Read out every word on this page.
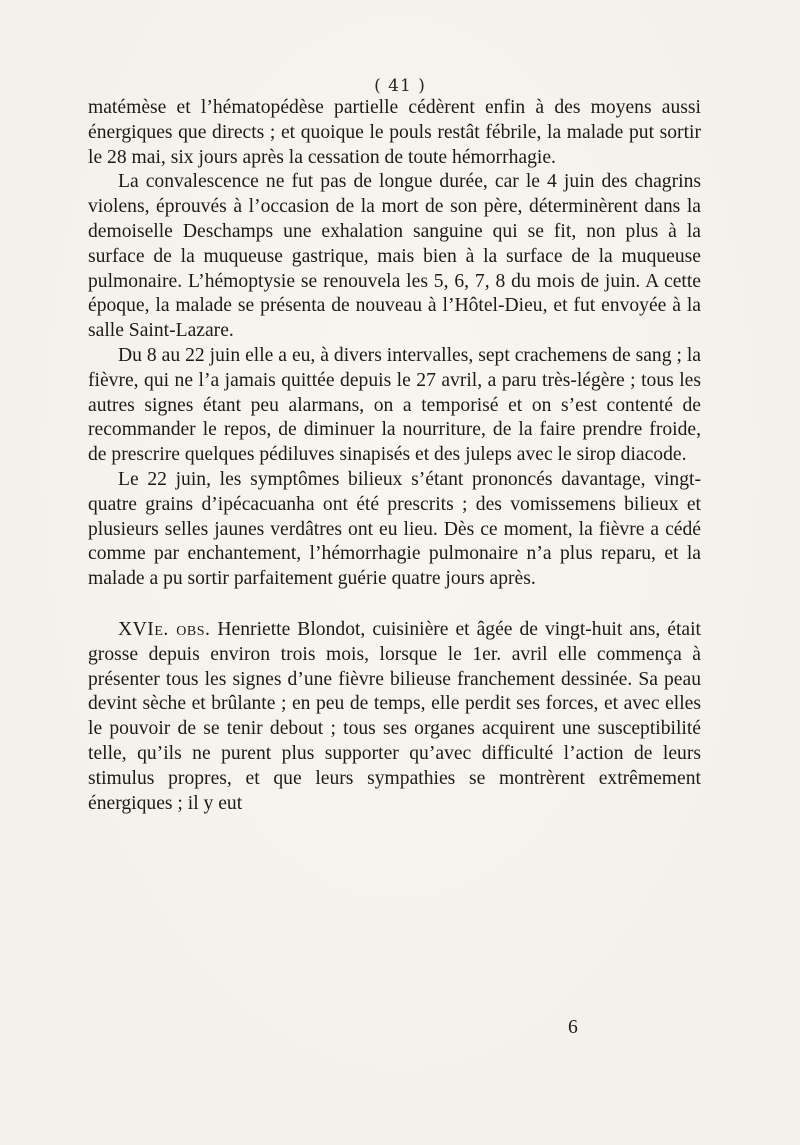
( 41 )

matémèse et l’hématopédèse partielle cédèrent enfin à des moyens aussi énergiques que directs ; et quoique le pouls restât fébrile, la malade put sortir le 28 mai, six jours après la cessation de toute hémorrhagie.

La convalescence ne fut pas de longue durée, car le 4 juin des chagrins violens, éprouvés à l’occasion de la mort de son père, déterminèrent dans la demoiselle Deschamps une exhalation sanguine qui se fit, non plus à la surface de la muqueuse gastrique, mais bien à la surface de la muqueuse pulmonaire. L’hémoptysie se renouvela les 5, 6, 7, 8 du mois de juin. A cette époque, la malade se présenta de nouveau à l’Hôtel-Dieu, et fut envoyée à la salle Saint-Lazare.

Du 8 au 22 juin elle a eu, à divers intervalles, sept crachemens de sang ; la fièvre, qui ne l’a jamais quittée depuis le 27 avril, a paru très-légère ; tous les autres signes étant peu alarmans, on a temporisé et on s’est contenté de recommander le repos, de diminuer la nourriture, de la faire prendre froide, de prescrire quelques pédiluves sinapisés et des juleps avec le sirop diacode.

Le 22 juin, les symptômes bilieux s’étant prononcés davantage, vingt-quatre grains d’ipécacuanha ont été prescrits ; des vomissemens bilieux et plusieurs selles jaunes verdâtres ont eu lieu. Dès ce moment, la fièvre a cédé comme par enchantement, l’hémorrhagie pulmonaire n’a plus reparu, et la malade a pu sortir parfaitement guérie quatre jours après.

XVIe. obs. Henriette Blondot, cuisinière et âgée de vingt-huit ans, était grosse depuis environ trois mois, lorsque le 1er. avril elle commença à présenter tous les signes d’une fièvre bilieuse franchement dessinée. Sa peau devint sèche et brûlante ; en peu de temps, elle perdit ses forces, et avec elles le pouvoir de se tenir debout ; tous ses organes acquirent une susceptibilité telle, qu’ils ne purent plus supporter qu’avec difficulté l’action de leurs stimulus propres, et que leurs sympathies se montrèrent extrêmement énergiques ; il y eut

6
